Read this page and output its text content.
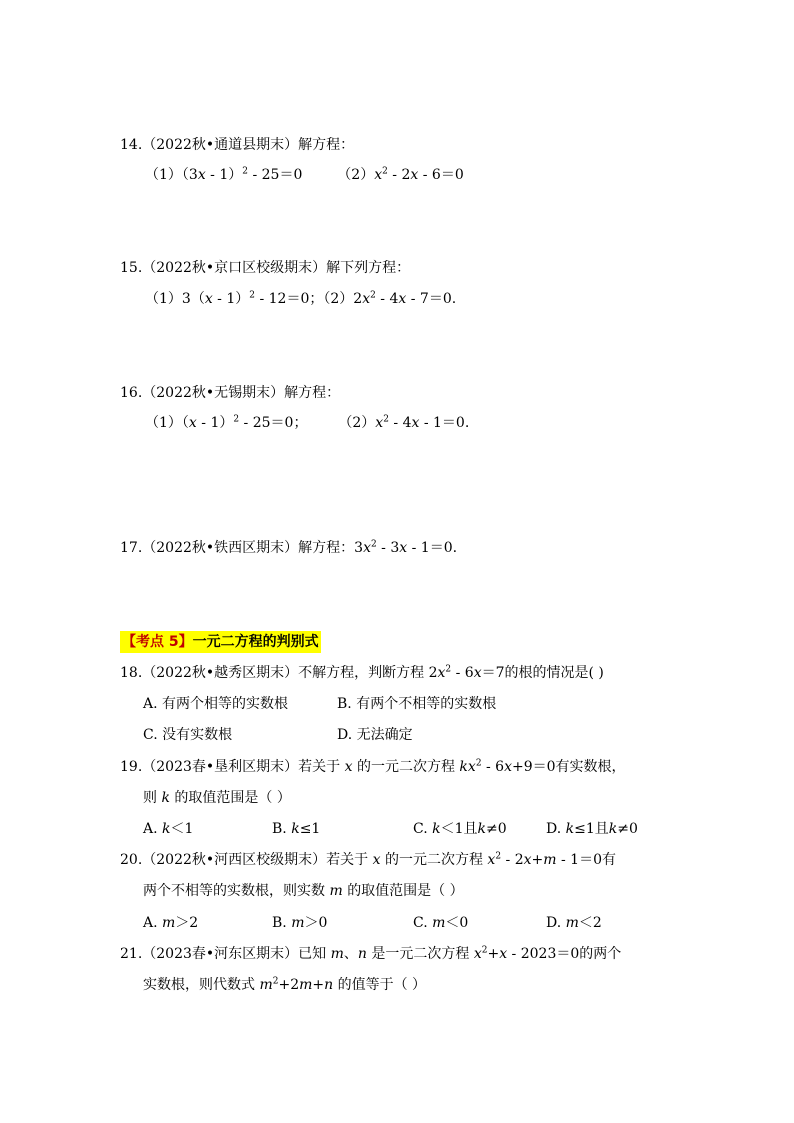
14.（2022秋•通道县期末）解方程：
（1）（3x - 1）$^2$ - 25＝0 $(2)x^2 - 2x - 6=0$
15.（2022秋•京口区校级期末）解下列方程：
（1）3（x - 1）$^2$ - 12＝0；$(2)2x^2 - 4x - 7=0$.
16.（2022秋•无锡期末）解方程：
（1）（x - 1）$^2$ - 25＝0； $(2)x^2 - 4x - 1=0$.
17.（2022秋•铁西区期末）解方程：$3x^2 - 3x - 1=0$.
【考点 5】一元二方程的判别式
18.（2022秋•越秀区期末）不解方程，判断方程 $2x^2 - 6x=7$的根的情况是( )
A. 有两个相等的实数根	B. 有两个不相等的实数根
C. 没有实数根	D. 无法确定
19.（2023春•垦利区期末）若关于 x 的一元二次方程 $kx^2 - 6x+9=0$有实数根，
则 k 的取值范围是（ ）
A. k＜1	B. k≤1	C. k＜1且k≠0	D. k≤1且k≠0
20.（2022秋•河西区校级期末）若关于 x 的一元二次方程 $x^2 - 2x+m - 1=0$有
两个不相等的实数根，则实数 m 的取值范围是（ ）
A. m＞2	B. m＞0	C. m＜0	D. m＜2
21.（2023春•河东区期末）已知 m、n 是一元二次方程 $x^2+x - 2023=0$的两个
实数根，则代数式 $m^2+2m+n$ 的值等于（ ）
